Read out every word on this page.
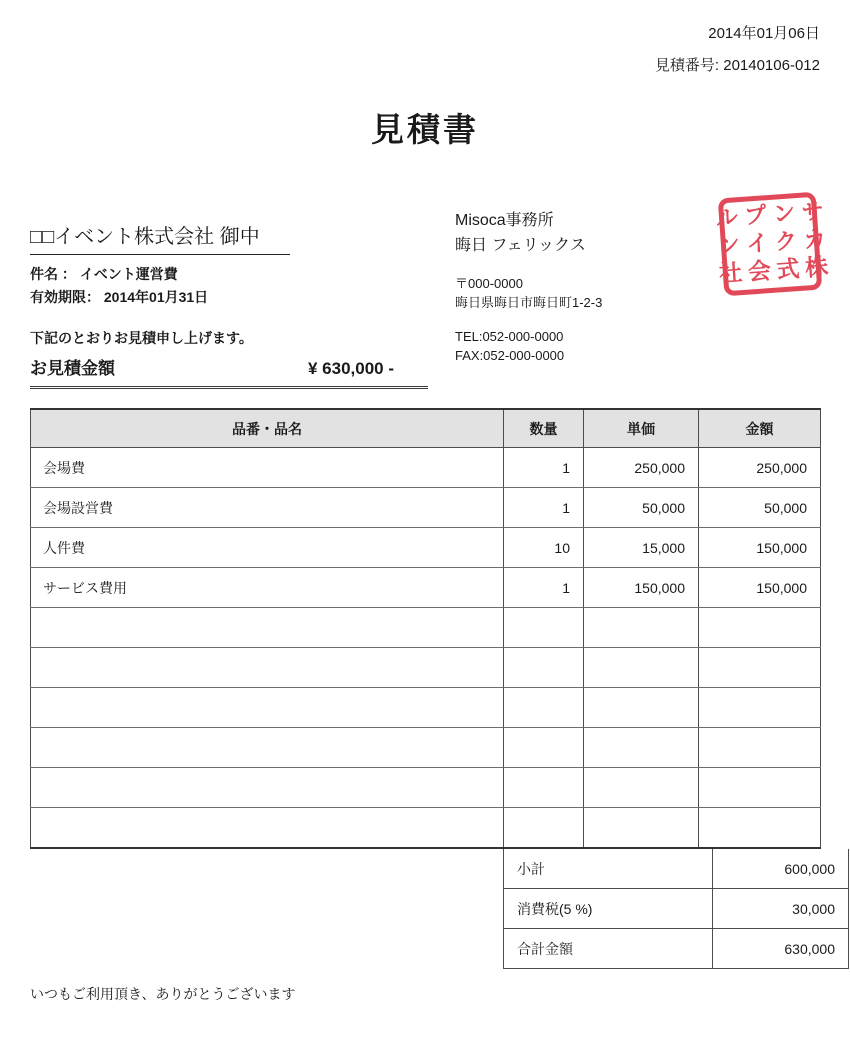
2014年01月06日
見積番号: 20140106-012
見積書
□□イベント株式会社 御中
件名 ： イベント運営費
有効期限： 2014年01月31日
下記のとおりお見積申し上げます。
お見積金額	¥ 630,000 -
Misoca事務所
晦日 フェリックス
〒000-0000
晦日県晦日市晦日町1-2-3
TEL:052-000-0000
FAX:052-000-0000
サンプル
カクイン
株式会社
品番・品名	数量	単価	金額
会場費	1	250,000	250,000
会場設営費	1	50,000	50,000
人件費	10	15,000	150,000
サービス費用	1	150,000	150,000

小計	600,000
消費税(5 %)	30,000
合計金額	630,000
いつもご利用頂き、ありがとうございます
